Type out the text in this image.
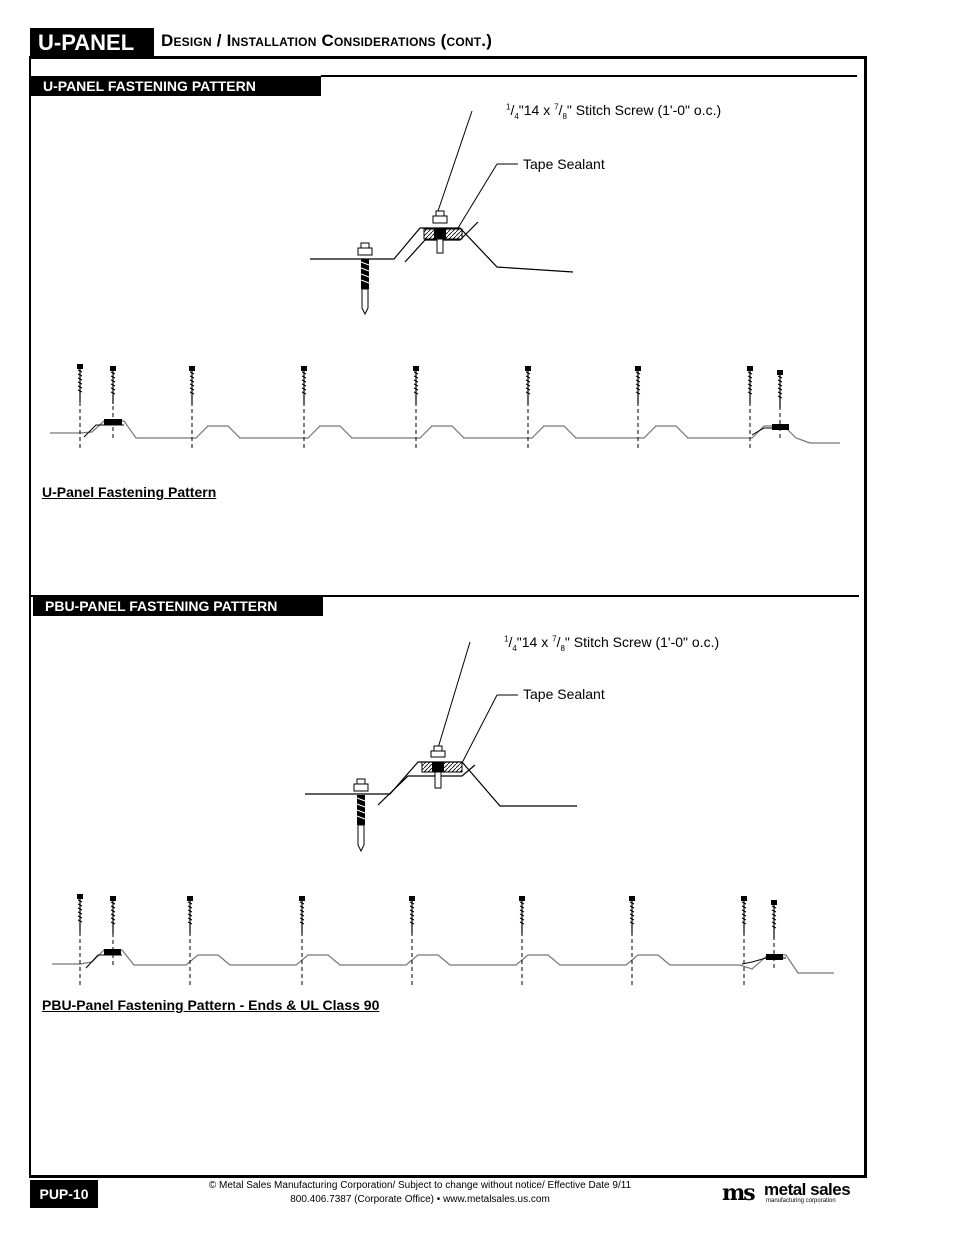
U-PANEL	Design / Installation Considerations (cont.)
U-PANEL FASTENING PATTERN
$^1/_4"14$ x $^7/_8$" Stitch Screw (1'-0" o.c.)
Tape Sealant
U-Panel Fastening Pattern
PBU-PANEL FASTENING PATTERN
$^1/_4"14$ x $^7/_8$" Stitch Screw (1'-0" o.c.)
Tape Sealant
PBU-Panel Fastening Pattern - Ends & UL Class 90
PUP-10
© Metal Sales Manufacturing Corporation/ Subject to change without notice/ Effective Date 9/11
800.406.7387 (Corporate Office) • www.metalsales.us.com	ms metal sales
manufacturing corporation
